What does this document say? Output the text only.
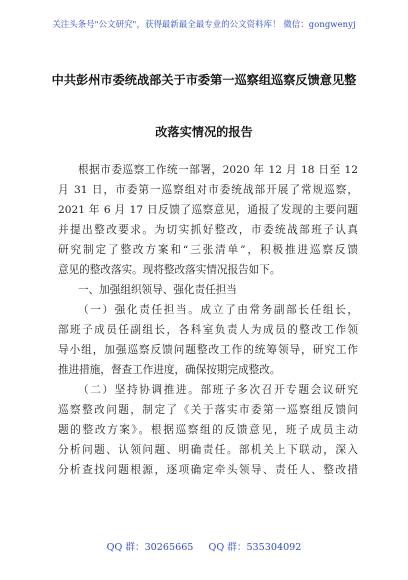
关注头条号"公文研究"，获得最新最全最专业的公文资料库！ 微信：gongwenyj
中共彭州市委统战部关于市委第一巡察组巡察反馈意见整
改落实情况的报告
根据市委巡察工作统一部署，2020 年 12 月 18 日至 12
月 31 日，市委第一巡察组对市委统战部开展了常规巡察，
2021 年 6 月 17 日反馈了巡察意见，通报了发现的主要问题
并提出整改要求。为切实抓好整改，市委统战部班子认真
研究制定了整改方案和“三张清单”，积极推进巡察反馈
意见的整改落实。现将整改落实情况报告如下。
一、加强组织领导、强化责任担当
（一）强化责任担当。成立了由常务副部长任组长，
部班子成员任副组长，各科室负责人为成员的整改工作领
导小组，加强巡察反馈问题整改工作的统筹领导，研究工作
推进措施，督查工作进度，确保按期完成整改。
（二）坚持协调推进。部班子多次召开专题会议研究
巡察整改问题，制定了《关于落实市委第一巡察组反馈问
题的整改方案》。根据巡察组的反馈意见，班子成员主动
分析问题、认领问题、明确责任。部机关上下联动，深入
分析查找问题根源，逐项确定牵头领导、责任人、整改措
QQ 群：30265665 QQ 群：535304092
